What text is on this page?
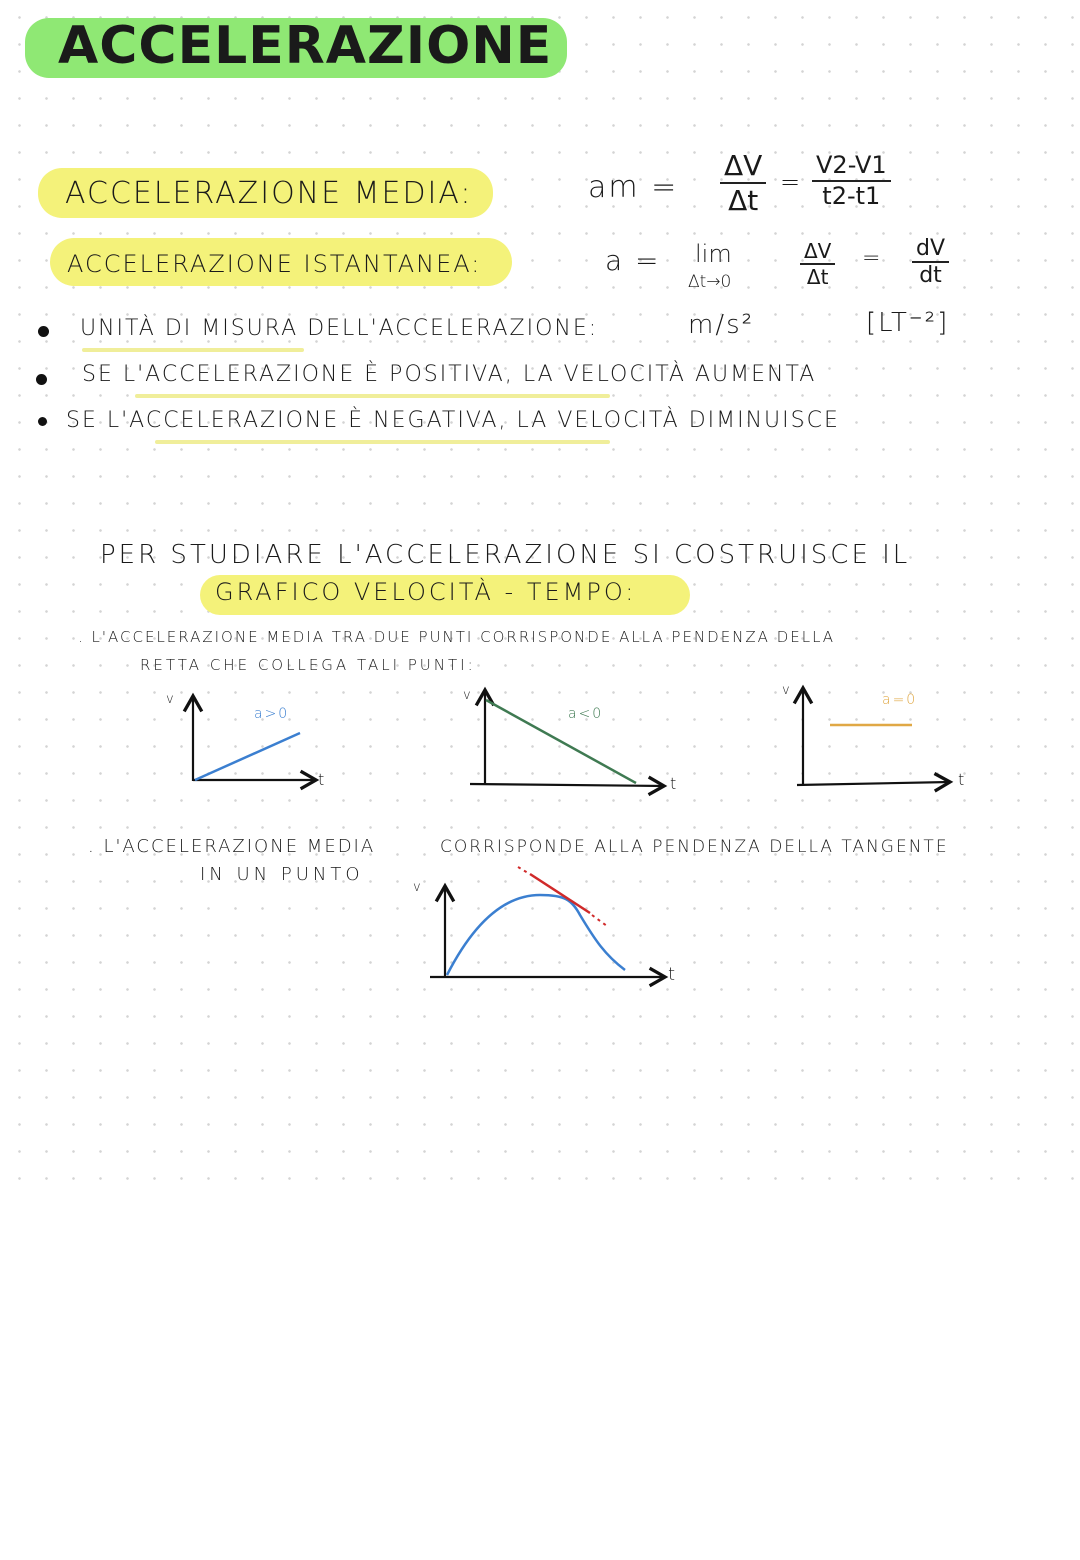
ACCELERAZIONE
ACCELERAZIONE MEDIA:	am = $\frac{\Delta V}{\Delta t} = \frac{V2-V1}{t2-t1}$
ACCELERAZIONE ISTANTANEA:	a = lim
Δt→0	$\frac{\Delta V}{\Delta t} = \frac{dV}{dt}$
UNITÀ DI MISURA DELL'ACCELERAZIONE:	m/s²	[LT⁻²]
SE L'ACCELERAZIONE È POSITIVA, LA VELOCITÀ AUMENTA
SE L'ACCELERAZIONE È NEGATIVA, LA VELOCITÀ DIMINUISCE
PER STUDIARE L'ACCELERAZIONE SI COSTRUISCE IL
GRAFICO VELOCITÀ - TEMPO:
. L'ACCELERAZIONE MEDIA TRA DUE PUNTI CORRISPONDE ALLA PENDENZA DELLA
RETTA CHE COLLEGA TALI PUNTI:
. L'ACCELERAZIONE MEDIA
IN UN PUNTO
CORRISPONDE ALLA PENDENZA DELLA TANGENTE
v
t
a>0
v
t
a<0
v
t
a=0
v
t
